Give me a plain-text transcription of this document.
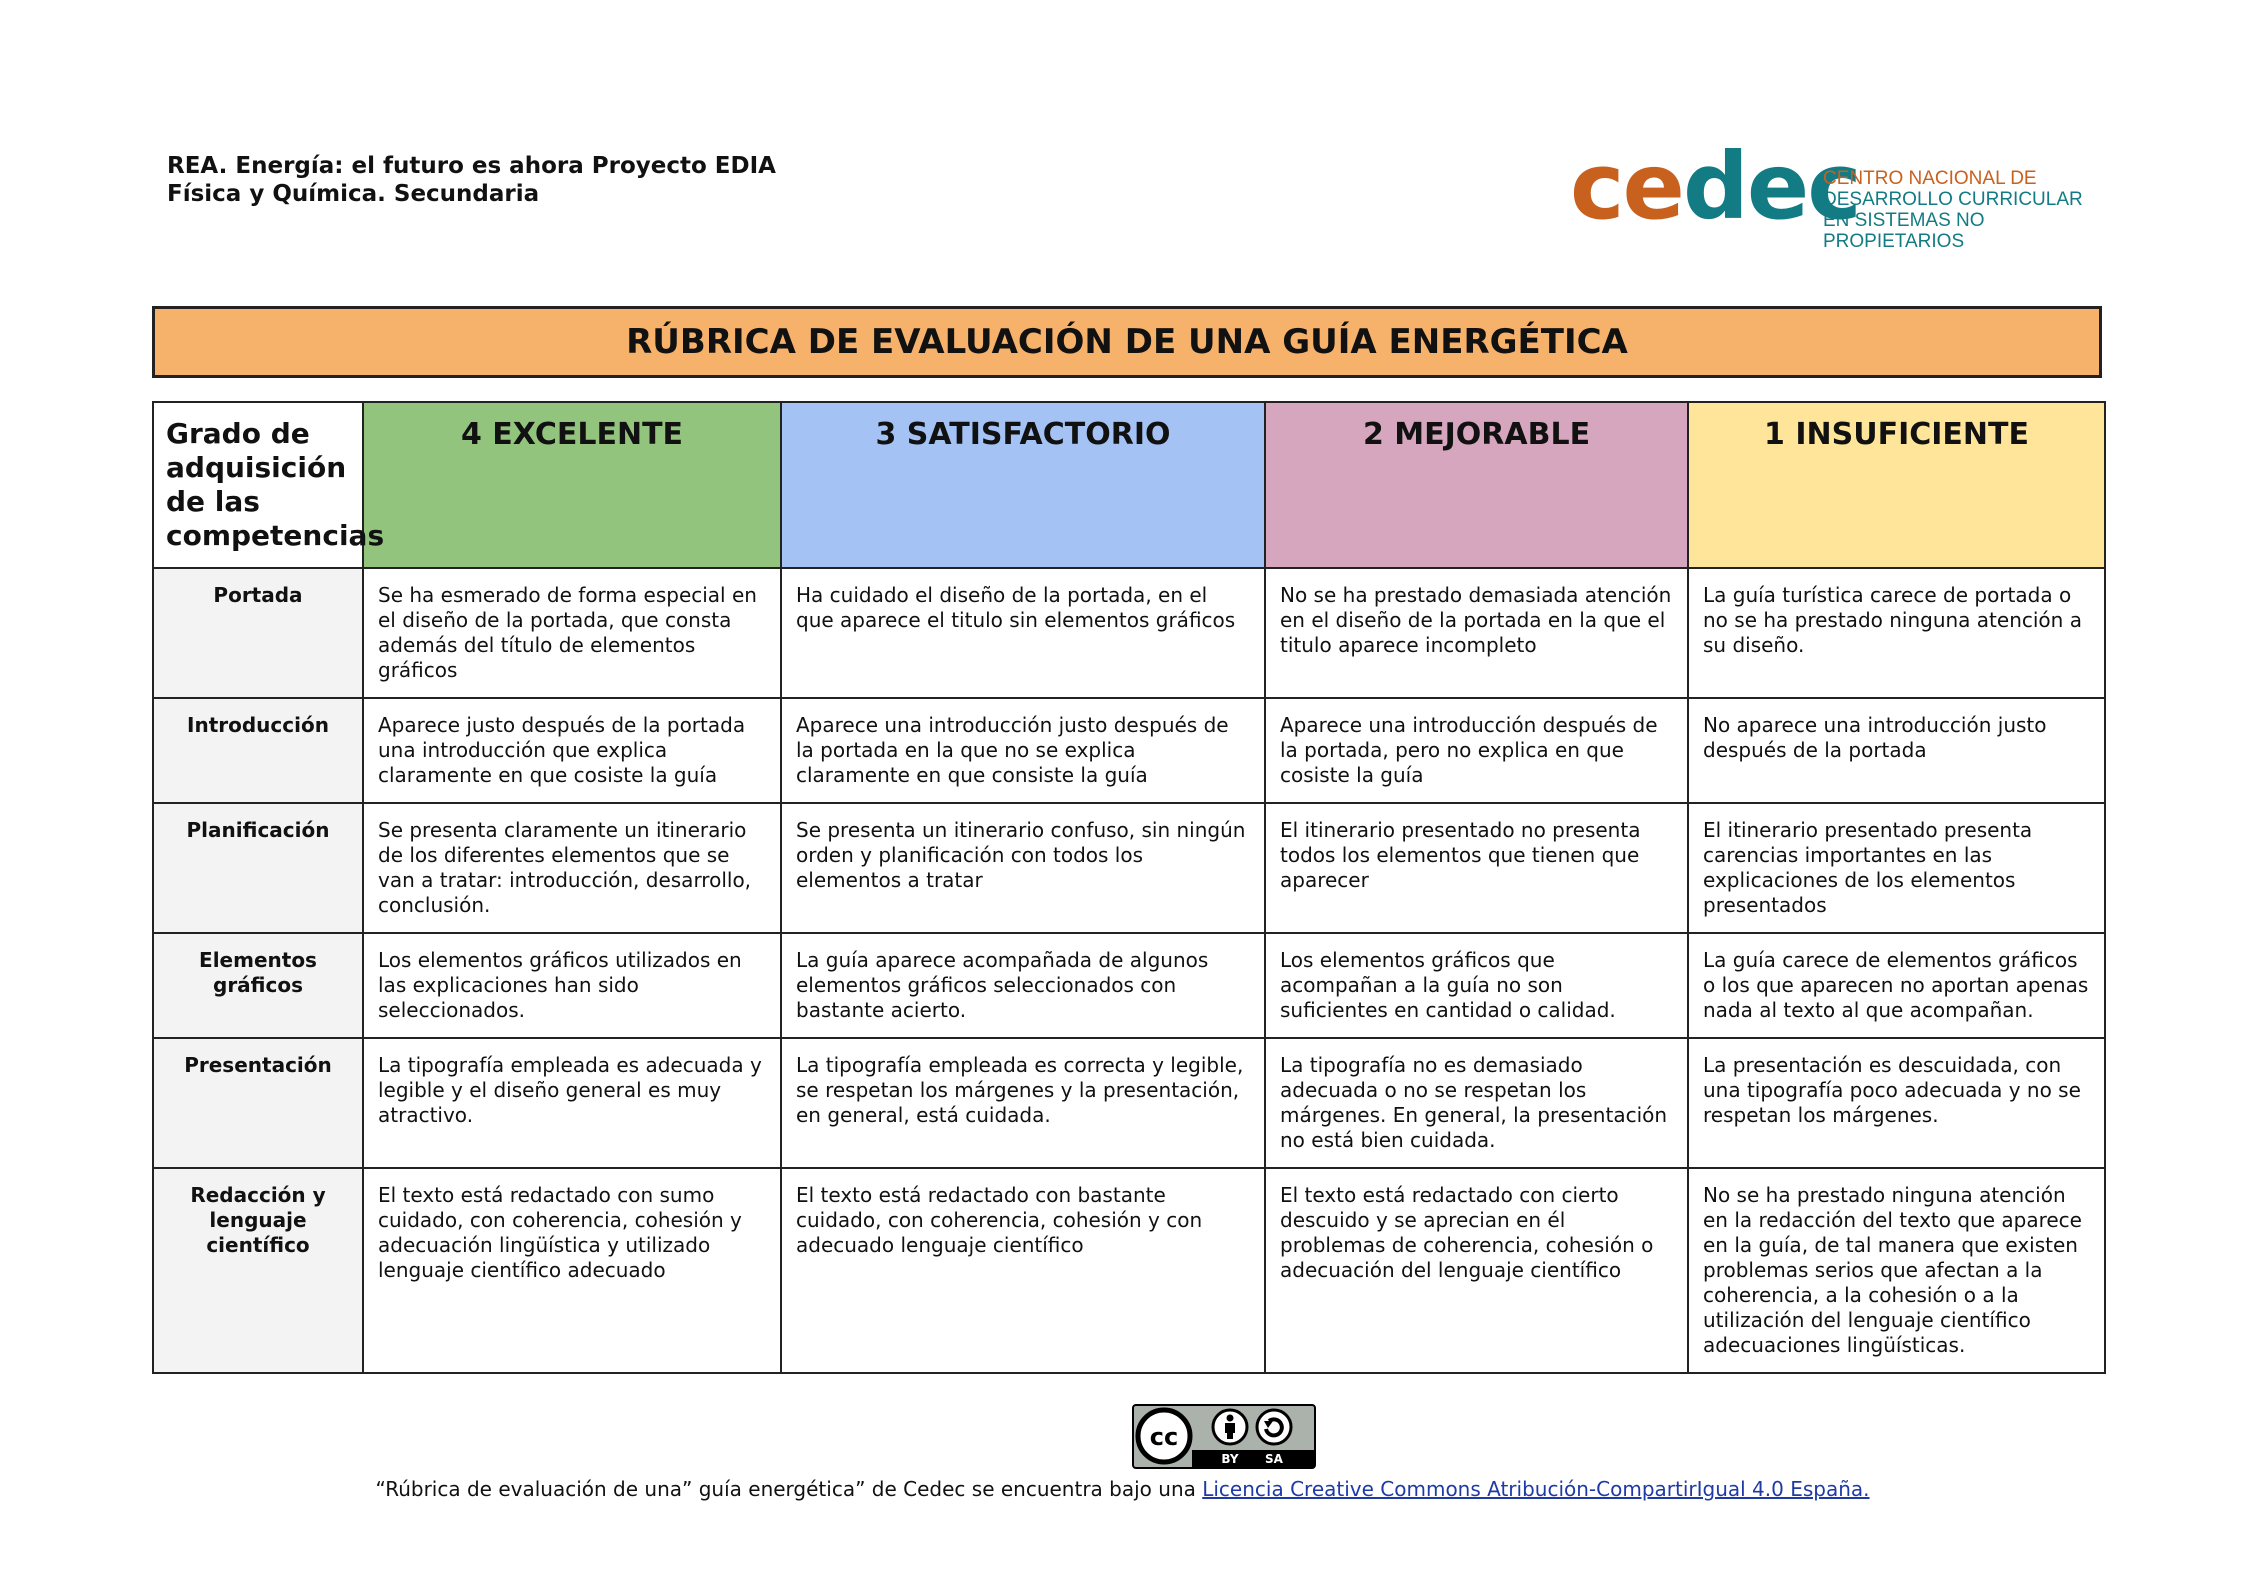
REA. Energía: el futuro es ahora Proyecto EDIA
Física y Química. Secundaria	cedec
CENTRO NACIONAL DE
DESARROLLO CURRICULAR
EN SISTEMAS NO PROPIETARIOS
RÚBRICA DE EVALUACIÓN DE UNA GUÍA ENERGÉTICA
Grado de adquisición de las competencias	4 EXCELENTE	3 SATISFACTORIO	2 MEJORABLE	1 INSUFICIENTE
Portada	Se ha esmerado de forma especial en el diseño de la portada, que consta además del título de elementos gráficos	Ha cuidado el diseño de la portada, en el que aparece el titulo sin elementos gráficos	No se ha prestado demasiada atención en el diseño de la portada en la que el titulo aparece incompleto	La guía turística carece de portada o no se ha prestado ninguna atención a su diseño.
Introducción	Aparece justo después de la portada una introducción que explica claramente en que cosiste la guía	Aparece una introducción justo después de la portada en la que no se explica claramente en que consiste la guía	Aparece una introducción después de la portada, pero no explica en que cosiste la guía	No aparece una introducción justo después de la portada
Planificación	Se presenta claramente un itinerario de los diferentes elementos que se van a tratar: introducción, desarrollo, conclusión.	Se presenta un itinerario confuso, sin ningún orden y planificación con todos los elementos a tratar	El itinerario presentado no presenta todos los elementos que tienen que aparecer	El itinerario presentado presenta carencias importantes en las explicaciones de los elementos presentados
Elementos gráficos	Los elementos gráficos utilizados en las explicaciones han sido seleccionados.	La guía aparece acompañada de algunos elementos gráficos seleccionados con bastante acierto.	Los elementos gráficos que acompañan a la guía no son suficientes en cantidad o calidad.	La guía carece de elementos gráficos o los que aparecen no aportan apenas nada al texto al que acompañan.
Presentación	La tipografía empleada es adecuada y legible y el diseño general es muy atractivo.	La tipografía empleada es correcta y legible, se respetan los márgenes y la presentación, en general, está cuidada.	La tipografía no es demasiado adecuada o no se respetan los márgenes. En general, la presentación no está bien cuidada.	La presentación es descuidada, con una tipografía poco adecuada y no se respetan los márgenes.
Redacción y lenguaje científico	El texto está redactado con sumo cuidado, con coherencia, cohesión y adecuación lingüística y utilizado lenguaje científico adecuado	El texto está redactado con bastante cuidado, con coherencia, cohesión y con adecuado lenguaje científico	El texto está redactado con cierto descuido y se aprecian en él problemas de coherencia, cohesión o adecuación del lenguaje científico	No se ha prestado ninguna atención en la redacción del texto que aparece en la guía, de tal manera que existen problemas serios que afectan a la coherencia, a la cohesión o a la utilización del lenguaje científico adecuaciones lingüísticas.
cc
BY SA
“Rúbrica de evaluación de una” guía energética” de Cedec se encuentra bajo una Licencia Creative Commons Atribución-CompartirIgual 4.0 España.
